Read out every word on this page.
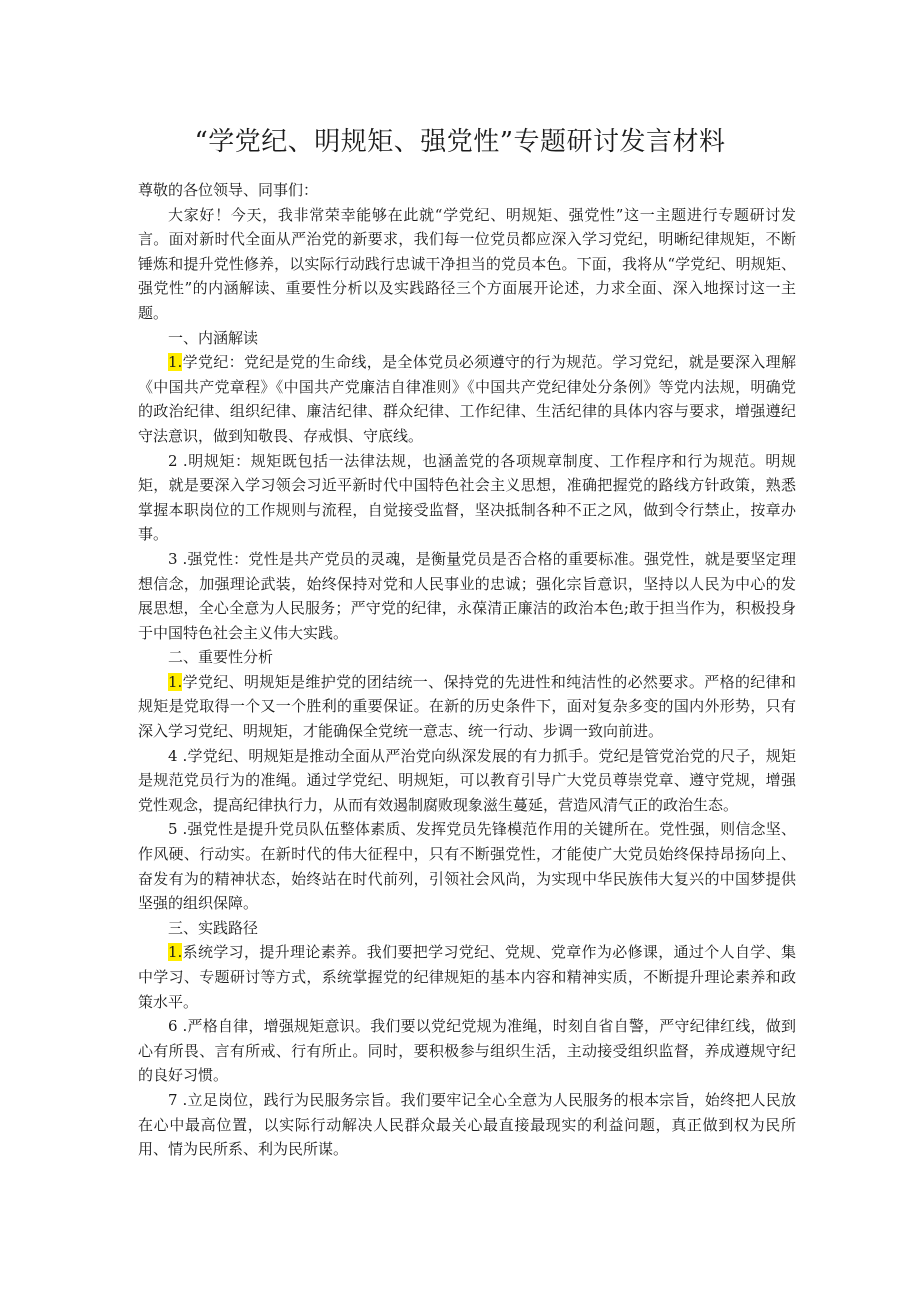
“学党纪、明规矩、强党性”专题研讨发言材料

尊敬的各位领导、同事们：

大家好！今天，我非常荣幸能够在此就“学党纪、明规矩、强党性”这一主题进行专题研讨发言。面对新时代全面从严治党的新要求，我们每一位党员都应深入学习党纪，明晰纪律规矩，不断锤炼和提升党性修养，以实际行动践行忠诚干净担当的党员本色。下面，我将从“学党纪、明规矩、强党性”的内涵解读、重要性分析以及实践路径三个方面展开论述，力求全面、深入地探讨这一主题。

一、内涵解读

1.学党纪：党纪是党的生命线，是全体党员必须遵守的行为规范。学习党纪，就是要深入理解《中国共产党章程》《中国共产党廉洁自律准则》《中国共产党纪律处分条例》等党内法规，明确党的政治纪律、组织纪律、廉洁纪律、群众纪律、工作纪律、生活纪律的具体内容与要求，增强遵纪守法意识，做到知敬畏、存戒惧、守底线。

2 .明规矩：规矩既包括一法律法规，也涵盖党的各项规章制度、工作程序和行为规范。明规矩，就是要深入学习领会习近平新时代中国特色社会主义思想，准确把握党的路线方针政策，熟悉掌握本职岗位的工作规则与流程，自觉接受监督，坚决抵制各种不正之风，做到令行禁止，按章办事。

3 .强党性：党性是共产党员的灵魂，是衡量党员是否合格的重要标准。强党性，就是要坚定理想信念，加强理论武装，始终保持对党和人民事业的忠诚；强化宗旨意识，坚持以人民为中心的发展思想，全心全意为人民服务；严守党的纪律，永葆清正廉洁的政治本色;敢于担当作为，积极投身于中国特色社会主义伟大实践。

二、重要性分析

1.学党纪、明规矩是维护党的团结统一、保持党的先进性和纯洁性的必然要求。严格的纪律和规矩是党取得一个又一个胜利的重要保证。在新的历史条件下，面对复杂多变的国内外形势，只有深入学习党纪、明规矩，才能确保全党统一意志、统一行动、步调一致向前进。

4 .学党纪、明规矩是推动全面从严治党向纵深发展的有力抓手。党纪是管党治党的尺子，规矩是规范党员行为的准绳。通过学党纪、明规矩，可以教育引导广大党员尊崇党章、遵守党规，增强党性观念，提高纪律执行力，从而有效遏制腐败现象滋生蔓延，营造风清气正的政治生态。

5 .强党性是提升党员队伍整体素质、发挥党员先锋模范作用的关键所在。党性强，则信念坚、作风硬、行动实。在新时代的伟大征程中，只有不断强党性，才能使广大党员始终保持昂扬向上、奋发有为的精神状态，始终站在时代前列，引领社会风尚，为实现中华民族伟大复兴的中国梦提供坚强的组织保障。

三、实践路径

1.系统学习，提升理论素养。我们要把学习党纪、党规、党章作为必修课，通过个人自学、集中学习、专题研讨等方式，系统掌握党的纪律规矩的基本内容和精神实质，不断提升理论素养和政策水平。

6 .严格自律，增强规矩意识。我们要以党纪党规为准绳，时刻自省自警，严守纪律红线，做到心有所畏、言有所戒、行有所止。同时，要积极参与组织生活，主动接受组织监督，养成遵规守纪的良好习惯。

7 .立足岗位，践行为民服务宗旨。我们要牢记全心全意为人民服务的根本宗旨，始终把人民放在心中最高位置，以实际行动解决人民群众最关心最直接最现实的利益问题，真正做到权为民所用、情为民所系、利为民所谋。
